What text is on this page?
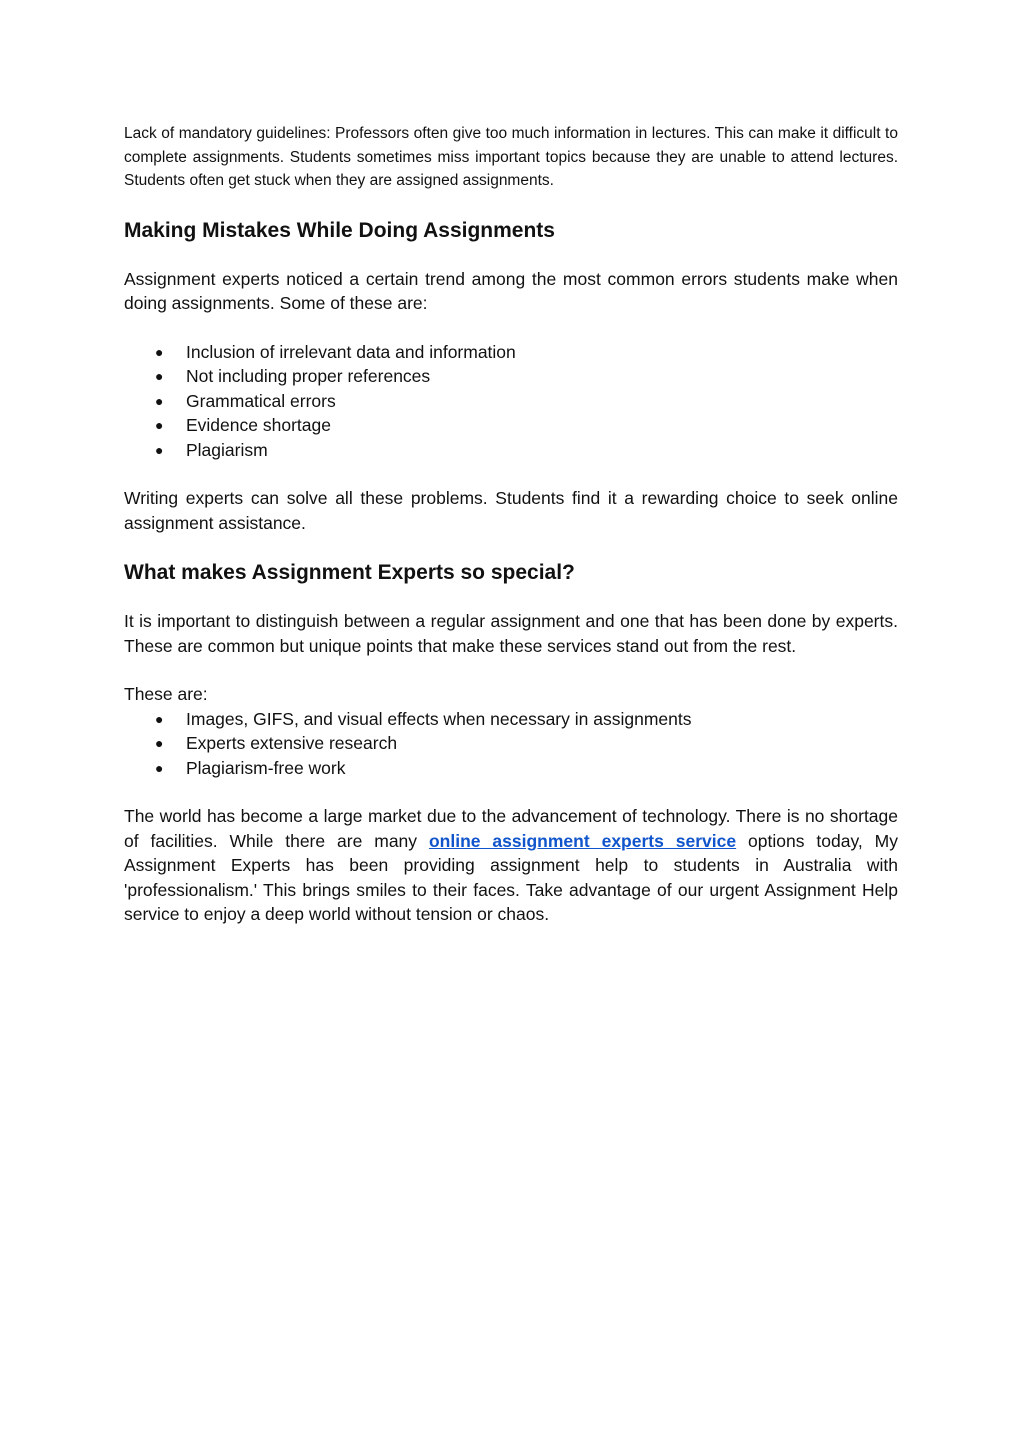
Lack of mandatory guidelines: Professors often give too much information in lectures. This can make it difficult to complete assignments. Students sometimes miss important topics because they are unable to attend lectures. Students often get stuck when they are assigned assignments.

Making Mistakes While Doing Assignments

Assignment experts noticed a certain trend among the most common errors students make when doing assignments. Some of these are:

● Inclusion of irrelevant data and information
● Not including proper references
● Grammatical errors
● Evidence shortage
● Plagiarism

Writing experts can solve all these problems. Students find it a rewarding choice to seek online assignment assistance.

What makes Assignment Experts so special?

It is important to distinguish between a regular assignment and one that has been done by experts. These are common but unique points that make these services stand out from the rest.

These are:

● Images, GIFS, and visual effects when necessary in assignments
● Experts extensive research
● Plagiarism-free work

The world has become a large market due to the advancement of technology. There is no shortage of facilities. While there are many online assignment experts service options today, My Assignment Experts has been providing assignment help to students in Australia with 'professionalism.' This brings smiles to their faces. Take advantage of our urgent Assignment Help service to enjoy a deep world without tension or chaos.
